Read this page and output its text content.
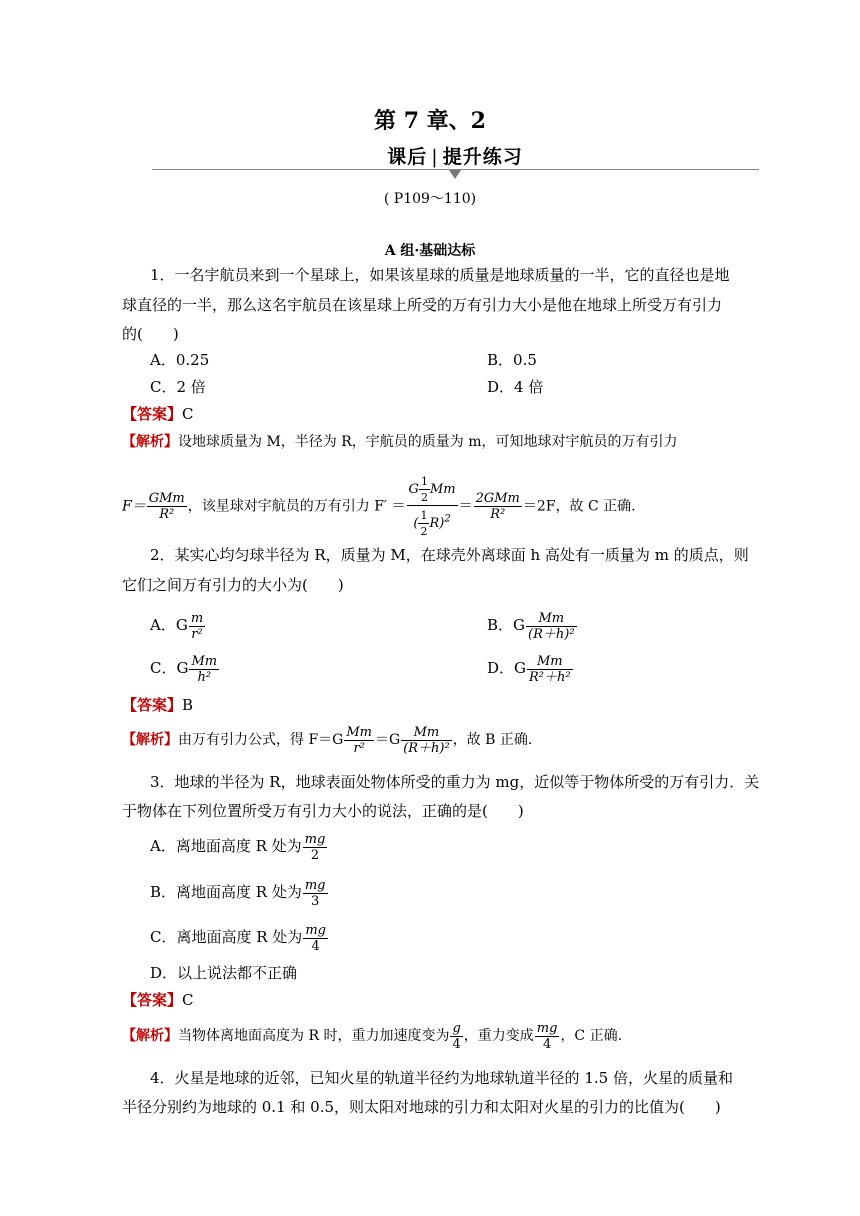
第 7 章、2
课后 | 提升练习
( P109～110)
A 组·基础达标
1．一名宇航员来到一个星球上，如果该星球的质量是地球质量的一半，它的直径也是地
球直径的一半，那么这名宇航员在该星球上所受的万有引力大小是他在地球上所受万有引力
的(　　)
A．0.25	B．0.5
C．2 倍	D．4 倍
【答案】C
【解析】设地球质量为 M，半径为 R，宇航员的质量为 m，可知地球对宇航员的万有引力
$F= \frac{\text{GMm}}{\text{R²}}$ ，该星球对宇航员的万有引力 $F' = \frac{G \frac{1}{2} Mm}{( \frac{1}{2} R)^2} = \frac{\text{2GMm}}{\text{R²}} =2F$，故 C 正确.
2．某实心均匀球半径为 R，质量为 M，在球壳外离球面 h 高处有一质量为 m 的质点，则
它们之间万有引力的大小为(　　)
A．G $\frac{m}{\text{r²}}$	B．G $\frac{Mm}{\text{(R＋h)²}}$
C．G $\frac{Mm}{\text{h²}}$	D．G $\frac{Mm}{\text{R²＋h²}}$
【答案】B
【解析】由万有引力公式，得 $F=G \frac{Mm}{\text{r²}} =G \frac{Mm}{\text{(R＋h)²}}$ ，故 B 正确.
3．地球的半径为 R，地球表面处物体所受的重力为 mg，近似等于物体所受的万有引力．关
于物体在下列位置所受万有引力大小的说法，正确的是(　　)
A．离地面高度 R 处为 $\frac{mg}{2}$
B．离地面高度 R 处为 $\frac{mg}{3}$
C．离地面高度 R 处为 $\frac{mg}{4}$
D．以上说法都不正确
【答案】C
【解析】当物体离地面高度为 R 时，重力加速度变为 $\frac{g}{4}$ ，重力变成 $\frac{mg}{4}$ ，C 正确.
4．火星是地球的近邻，已知火星的轨道半径约为地球轨道半径的 1.5 倍，火星的质量和
半径分别约为地球的 0.1 和 0.5，则太阳对地球的引力和太阳对火星的引力的比值为(　　)
